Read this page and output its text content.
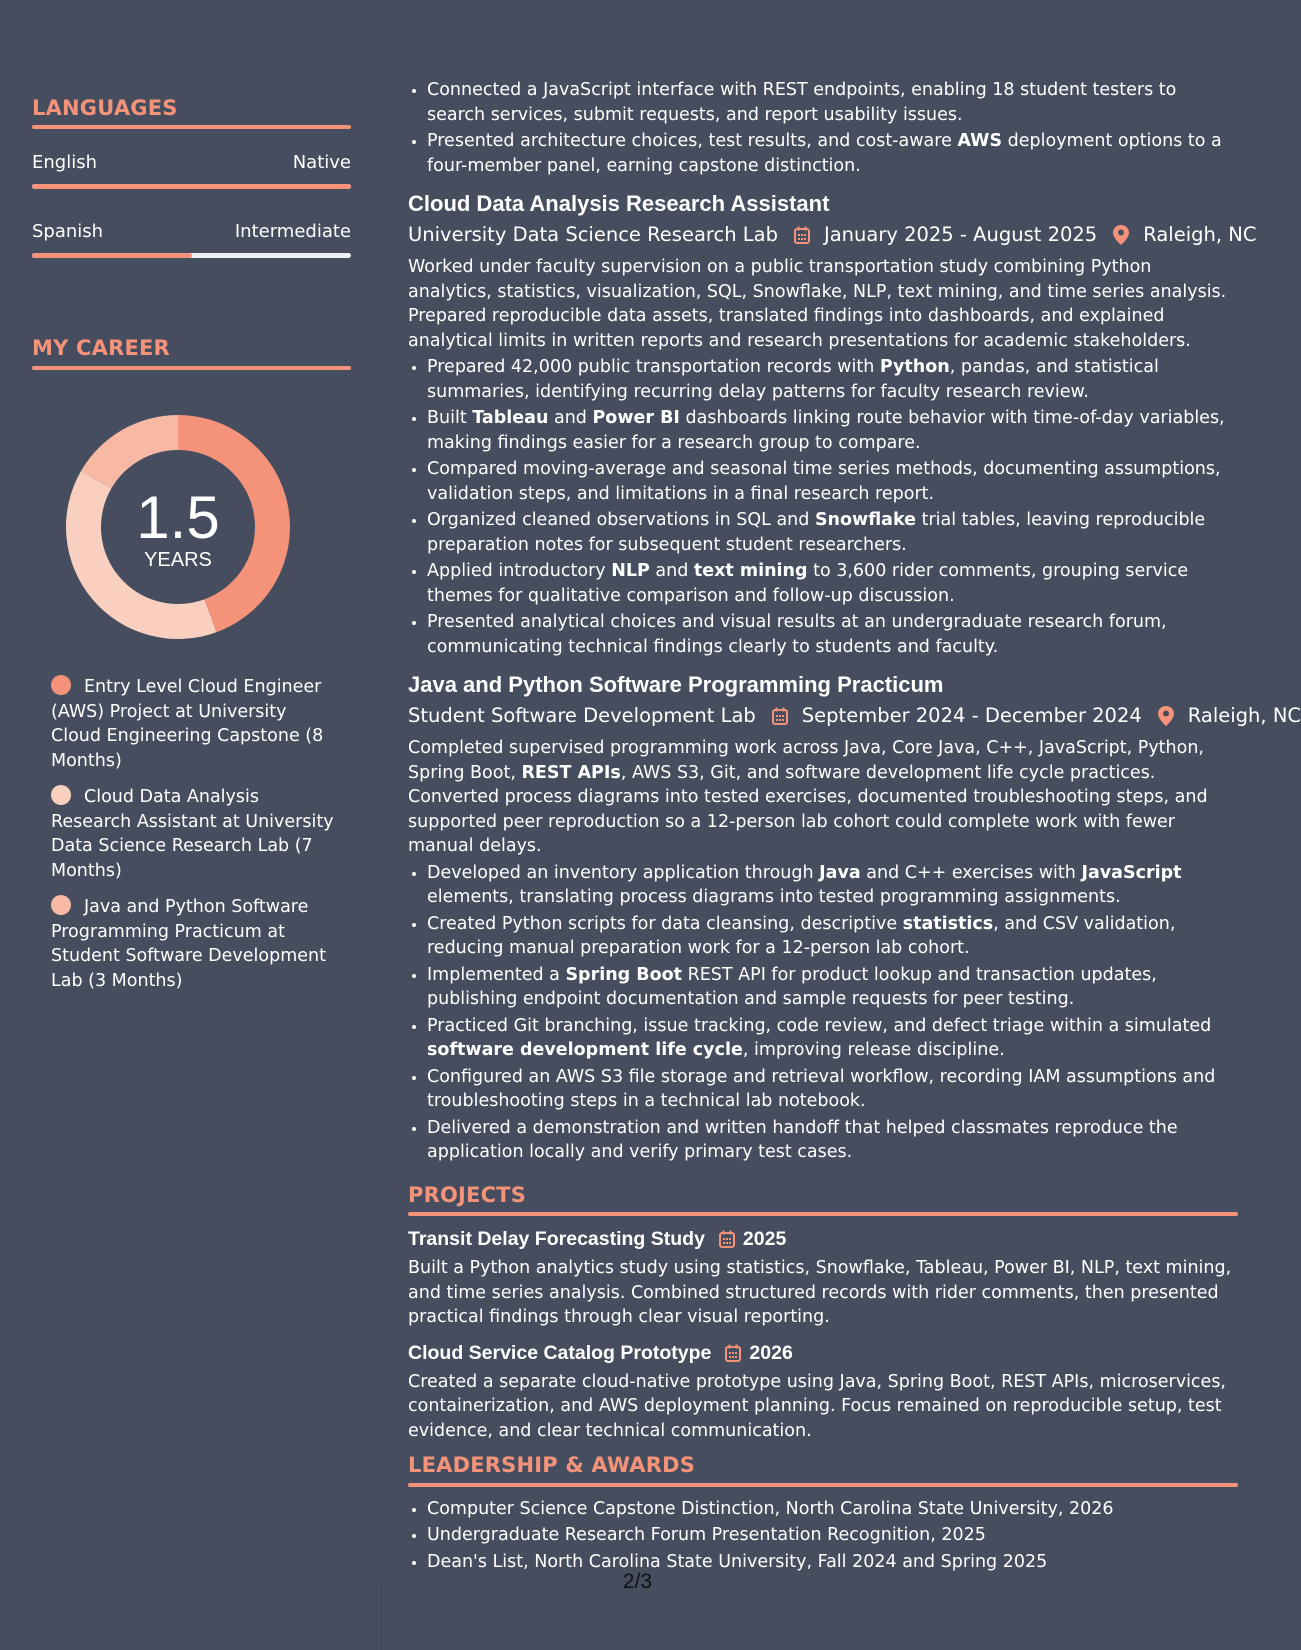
LANGUAGES
English	Native
Spanish	Intermediate
MY CAREER
1.5
YEARS
Entry Level Cloud Engineer (AWS) Project at University Cloud Engineering Capstone (8 Months)
Cloud Data Analysis Research Assistant at University Data Science Research Lab (7 Months)
Java and Python Software Programming Practicum at Student Software Development Lab (3 Months)
• Connected a JavaScript interface with REST endpoints, enabling 18 student testers to search services, submit requests, and report usability issues.
• Presented architecture choices, test results, and cost-aware AWS deployment options to a four-member panel, earning capstone distinction.
Cloud Data Analysis Research Assistant
University Data Science Research Lab January 2025 - August 2025 Raleigh, NC
Worked under faculty supervision on a public transportation study combining Python analytics, statistics, visualization, SQL, Snowflake, NLP, text mining, and time series analysis. Prepared reproducible data assets, translated findings into dashboards, and explained analytical limits in written reports and research presentations for academic stakeholders.
• Prepared 42,000 public transportation records with Python, pandas, and statistical summaries, identifying recurring delay patterns for faculty research review.
• Built Tableau and Power BI dashboards linking route behavior with time-of-day variables, making findings easier for a research group to compare.
• Compared moving-average and seasonal time series methods, documenting assumptions, validation steps, and limitations in a final research report.
• Organized cleaned observations in SQL and Snowflake trial tables, leaving reproducible preparation notes for subsequent student researchers.
• Applied introductory NLP and text mining to 3,600 rider comments, grouping service themes for qualitative comparison and follow-up discussion.
• Presented analytical choices and visual results at an undergraduate research forum, communicating technical findings clearly to students and faculty.
Java and Python Software Programming Practicum
Student Software Development Lab September 2024 - December 2024 Raleigh, NC
Completed supervised programming work across Java, Core Java, C++, JavaScript, Python, Spring Boot, REST APIs, AWS S3, Git, and software development life cycle practices. Converted process diagrams into tested exercises, documented troubleshooting steps, and supported peer reproduction so a 12-person lab cohort could complete work with fewer manual delays.
• Developed an inventory application through Java and C++ exercises with JavaScript elements, translating process diagrams into tested programming assignments.
• Created Python scripts for data cleansing, descriptive statistics, and CSV validation, reducing manual preparation work for a 12-person lab cohort.
• Implemented a Spring Boot REST API for product lookup and transaction updates, publishing endpoint documentation and sample requests for peer testing.
• Practiced Git branching, issue tracking, code review, and defect triage within a simulated software development life cycle, improving release discipline.
• Configured an AWS S3 file storage and retrieval workflow, recording IAM assumptions and troubleshooting steps in a technical lab notebook.
• Delivered a demonstration and written handoff that helped classmates reproduce the application locally and verify primary test cases.
PROJECTS
Transit Delay Forecasting Study 2025
Built a Python analytics study using statistics, Snowflake, Tableau, Power BI, NLP, text mining, and time series analysis. Combined structured records with rider comments, then presented practical findings through clear visual reporting.
Cloud Service Catalog Prototype 2026
Created a separate cloud-native prototype using Java, Spring Boot, REST APIs, microservices, containerization, and AWS deployment planning. Focus remained on reproducible setup, test evidence, and clear technical communication.
LEADERSHIP & AWARDS
• Computer Science Capstone Distinction, North Carolina State University, 2026
• Undergraduate Research Forum Presentation Recognition, 2025
• Dean's List, North Carolina State University, Fall 2024 and Spring 2025
2/3
